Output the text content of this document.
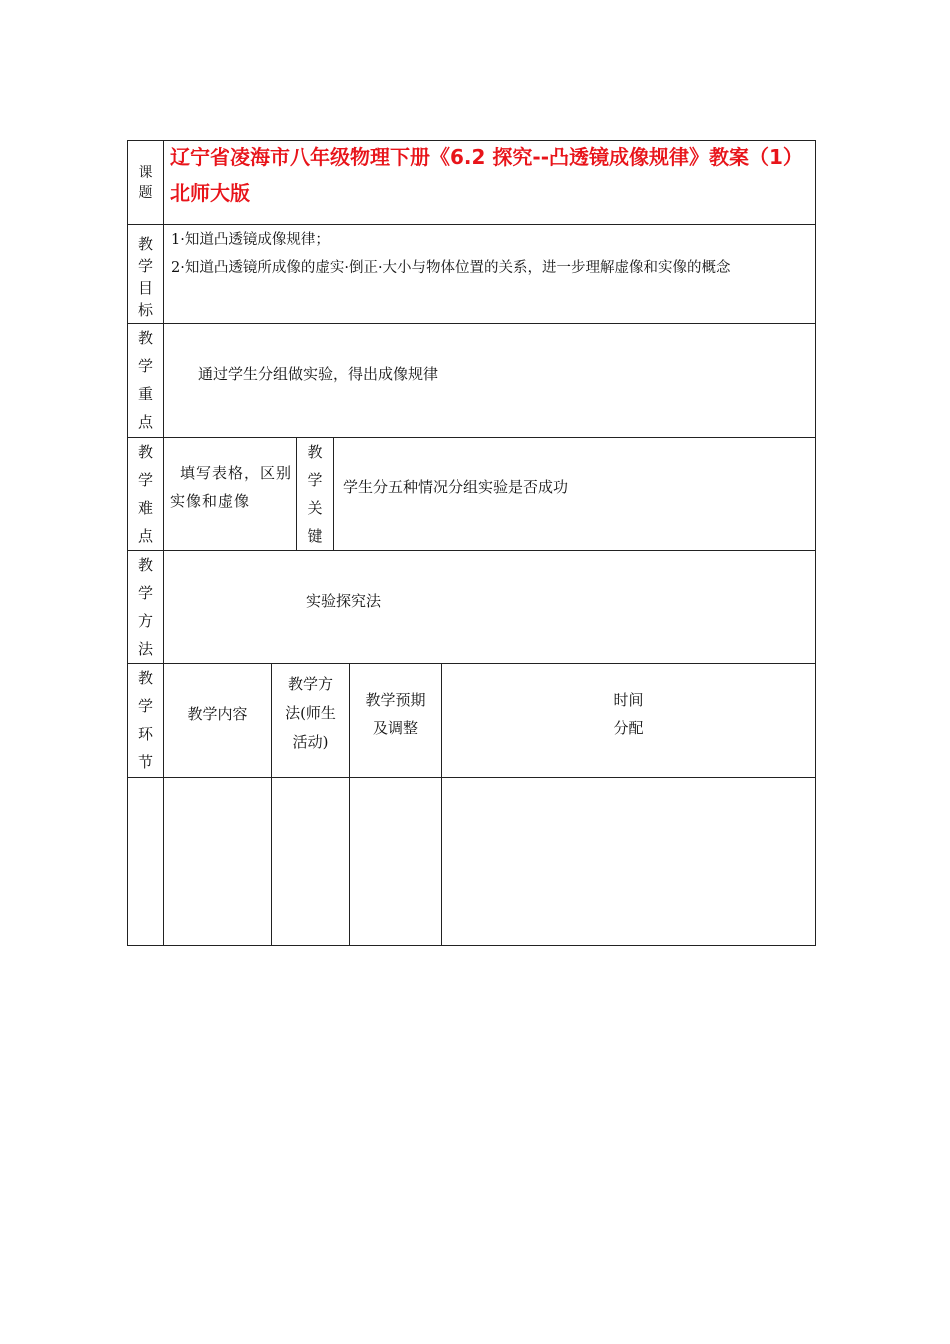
课
题
辽宁省凌海市八年级物理下册《6.2 探究--凸透镜成像规律》教案（1） 北师大版
教
学
目
标
1·知道凸透镜成像规律；
2·知道凸透镜所成像的虚实·倒正·大小与物体位置的关系，进一步理解虚像和实像的概念
教
学
重
点
通过学生分组做实验，得出成像规律
教
学
难
点
填写表格，区别实像和虚像
教
学
关
键
学生分五种情况分组实验是否成功
教
学
方
法
实验探究法
教
学
环
节
教学内容
教学方
法(师生
活动)
教学预期
及调整
时间
分配
